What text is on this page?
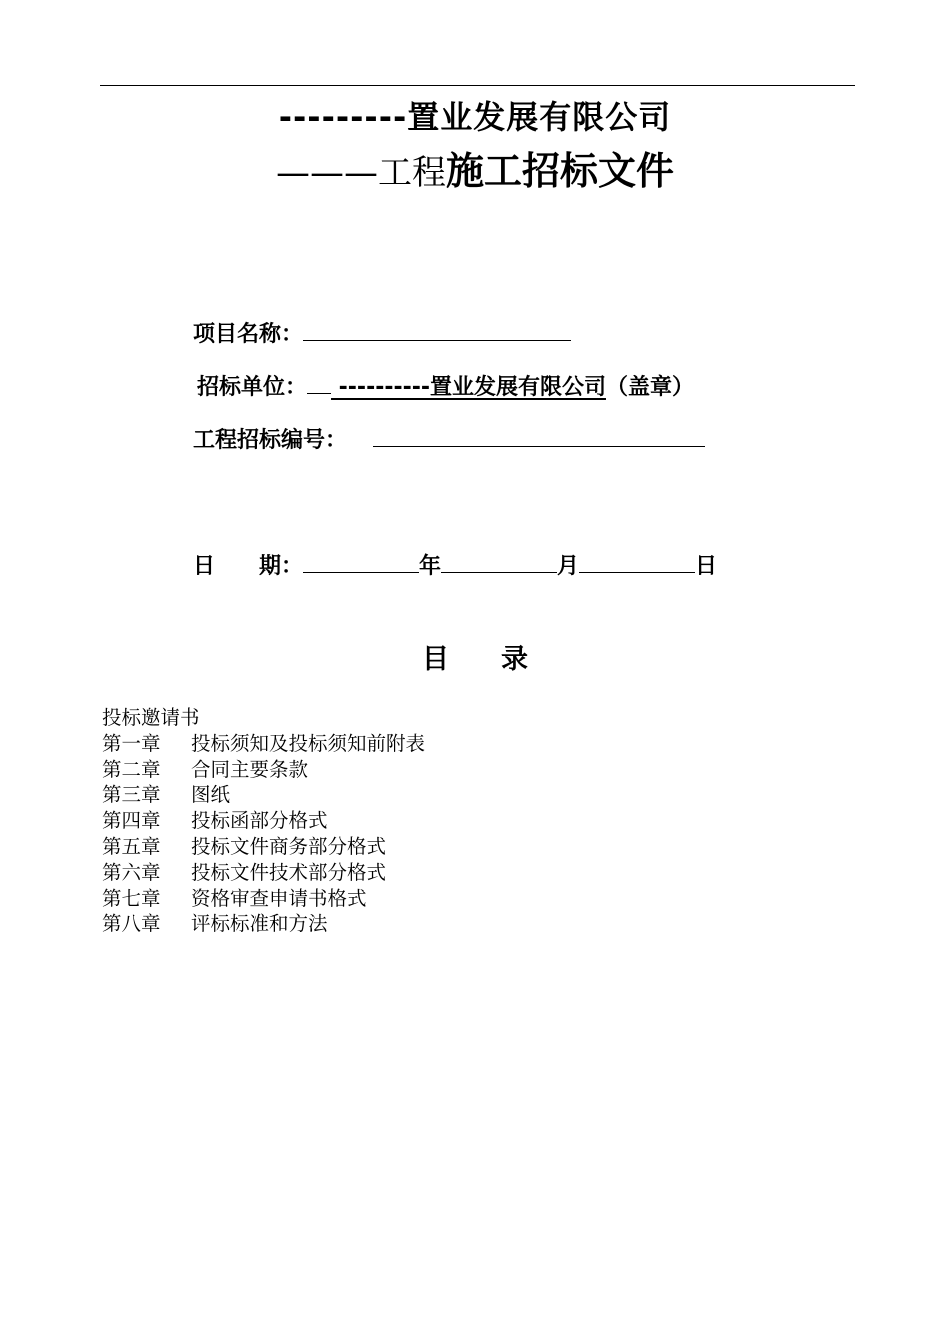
---------置业发展有限公司
———工程施工招标文件
项目名称：
招标单位： ----------置业发展有限公司（盖章）
工程招标编号：
日　　期：	年	月	日
目 录
投标邀请书
第一章 投标须知及投标须知前附表
第二章 合同主要条款
第三章 图纸
第四章 投标函部分格式
第五章 投标文件商务部分格式
第六章 投标文件技术部分格式
第七章 资格审查申请书格式
第八章 评标标准和方法
